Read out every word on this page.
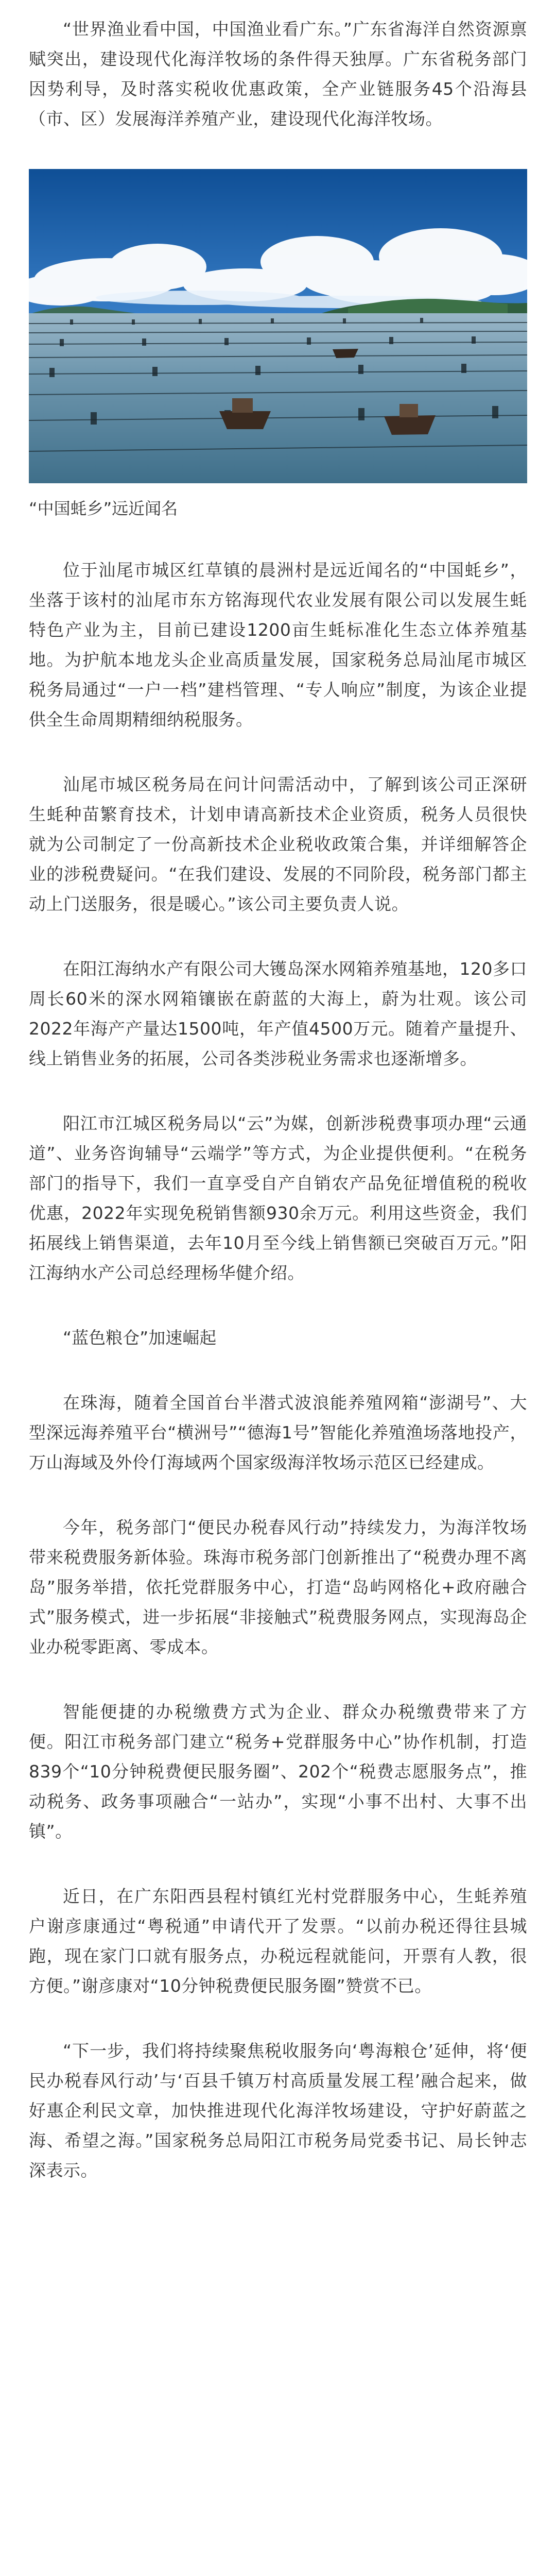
“世界渔业看中国，中国渔业看广东。”广东省海洋自然资源禀赋突出，建设现代化海洋牧场的条件得天独厚。广东省税务部门因势利导，及时落实税收优惠政策，全产业链服务45个沿海县（市、区）发展海洋养殖产业，建设现代化海洋牧场。

“中国蚝乡”远近闻名

位于汕尾市城区红草镇的晨洲村是远近闻名的“中国蚝乡”，坐落于该村的汕尾市东方铭海现代农业发展有限公司以发展生蚝特色产业为主，目前已建设1200亩生蚝标准化生态立体养殖基地。为护航本地龙头企业高质量发展，国家税务总局汕尾市城区税务局通过“一户一档”建档管理、“专人响应”制度，为该企业提供全生命周期精细纳税服务。

汕尾市城区税务局在问计问需活动中，了解到该公司正深研生蚝种苗繁育技术，计划申请高新技术企业资质，税务人员很快就为公司制定了一份高新技术企业税收政策合集，并详细解答企业的涉税费疑问。“在我们建设、发展的不同阶段，税务部门都主动上门送服务，很是暖心。”该公司主要负责人说。

在阳江海纳水产有限公司大镬岛深水网箱养殖基地，120多口周长60米的深水网箱镶嵌在蔚蓝的大海上，蔚为壮观。该公司2022年海产产量达1500吨，年产值4500万元。随着产量提升、线上销售业务的拓展，公司各类涉税业务需求也逐渐增多。

阳江市江城区税务局以“云”为媒，创新涉税费事项办理“云通道”、业务咨询辅导“云端学”等方式，为企业提供便利。“在税务部门的指导下，我们一直享受自产自销农产品免征增值税的税收优惠，2022年实现免税销售额930余万元。利用这些资金，我们拓展线上销售渠道，去年10月至今线上销售额已突破百万元。”阳江海纳水产公司总经理杨华健介绍。

“蓝色粮仓”加速崛起

在珠海，随着全国首台半潜式波浪能养殖网箱“澎湖号”、大型深远海养殖平台“横洲号”“德海1号”智能化养殖渔场落地投产，万山海域及外伶仃海域两个国家级海洋牧场示范区已经建成。

今年，税务部门“便民办税春风行动”持续发力，为海洋牧场带来税费服务新体验。珠海市税务部门创新推出了“税费办理不离岛”服务举措，依托党群服务中心，打造“岛屿网格化+政府融合式”服务模式，进一步拓展“非接触式”税费服务网点，实现海岛企业办税零距离、零成本。

智能便捷的办税缴费方式为企业、群众办税缴费带来了方便。阳江市税务部门建立“税务+党群服务中心”协作机制，打造839个“10分钟税费便民服务圈”、202个“税费志愿服务点”，推动税务、政务事项融合“一站办”，实现“小事不出村、大事不出镇”。

近日，在广东阳西县程村镇红光村党群服务中心，生蚝养殖户谢彦康通过“粤税通”申请代开了发票。“以前办税还得往县城跑，现在家门口就有服务点，办税远程就能问，开票有人教，很方便。”谢彦康对“10分钟税费便民服务圈”赞赏不已。

“下一步，我们将持续聚焦税收服务向‘粤海粮仓’延伸，将‘便民办税春风行动’与‘百县千镇万村高质量发展工程’融合起来，做好惠企利民文章，加快推进现代化海洋牧场建设，守护好蔚蓝之海、希望之海。”国家税务总局阳江市税务局党委书记、局长钟志深表示。
